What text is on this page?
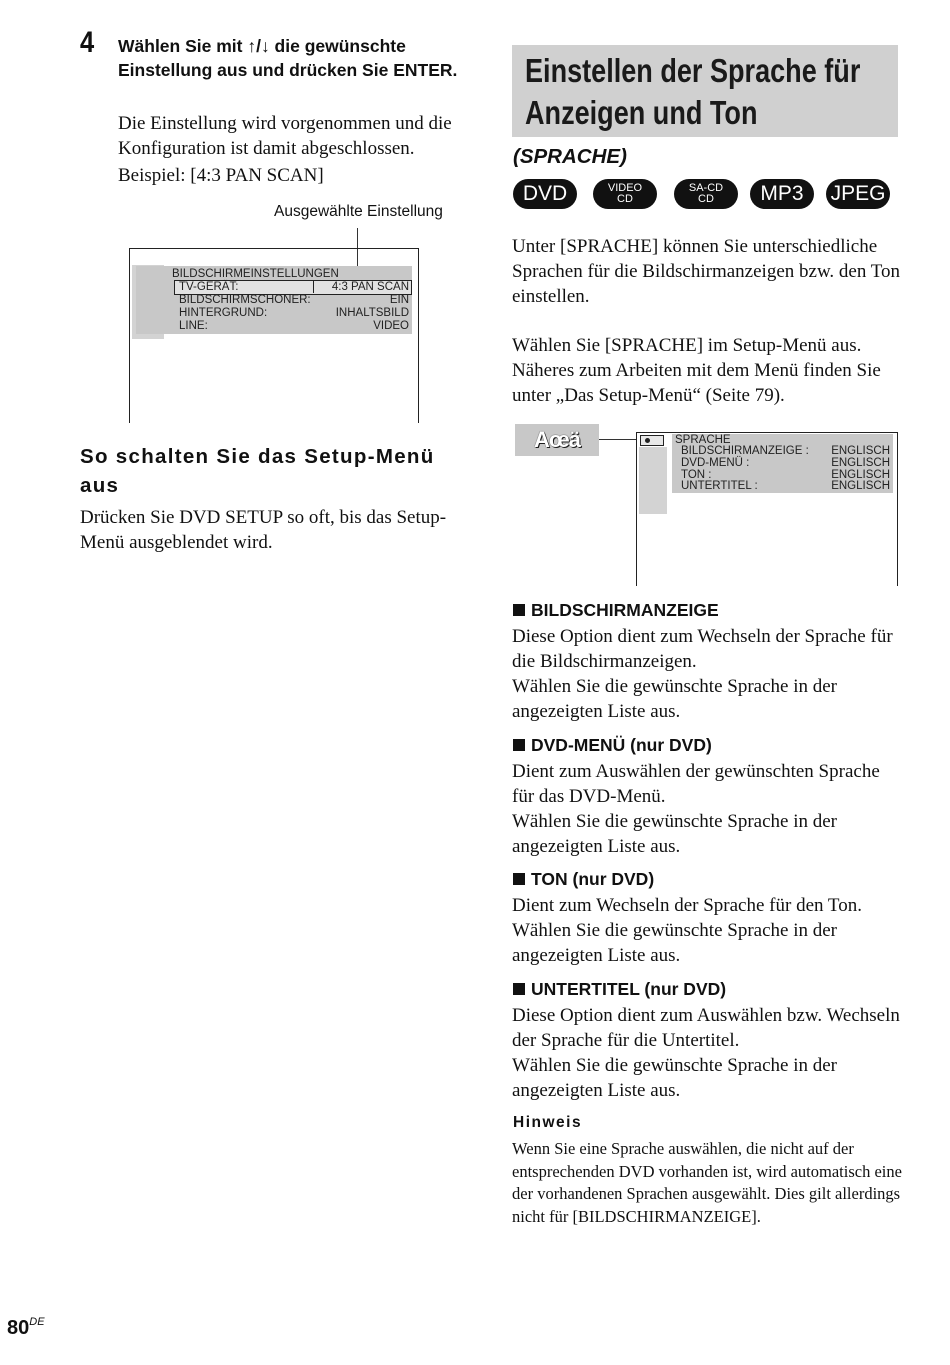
4 Wählen Sie mit ↑/↓ die gewünschte Einstellung aus und drücken Sie ENTER.

Die Einstellung wird vorgenommen und die Konfiguration ist damit abgeschlossen.

Beispiel: [4:3 PAN SCAN]

Ausgewählte Einstellung
BILDSCHIRMEINSTELLUNGEN
TV-GERÄT:	4:3 PAN SCAN
BILDSCHIRMSCHONER:	EIN
HINTERGRUND:	INHALTSBILD
LINE:	VIDEO
So schalten Sie das Setup-Menü aus
Drücken Sie DVD SETUP so oft, bis das Setup-Menü ausgeblendet wird.
Einstellen der Sprache für
Anzeigen und Ton
(SPRACHE)
DVD	VIDEO
CD
SA-CD
CD	MP3	JPEG
Unter [SPRACHE] können Sie unterschiedliche Sprachen für die Bildschirmanzeigen bzw. den Ton einstellen.
Wählen Sie [SPRACHE] im Setup-Menü aus. Näheres zum Arbeiten mit dem Menü finden Sie unter „Das Setup-Menü“ (Seite 79).
Aœä	SPRACHE
BILDSCHIRMANZEIGE :	ENGLISCH
DVD-MENÜ :	ENGLISCH
TON :	ENGLISCH
UNTERTITEL :	ENGLISCH
BILDSCHIRMANZEIGE
Diese Option dient zum Wechseln der Sprache für die Bildschirmanzeigen.
Wählen Sie die gewünschte Sprache in der angezeigten Liste aus.
DVD-MENÜ (nur DVD)
Dient zum Auswählen der gewünschten Sprache für das DVD-Menü.
Wählen Sie die gewünschte Sprache in der angezeigten Liste aus.
TON (nur DVD)
Dient zum Wechseln der Sprache für den Ton.
Wählen Sie die gewünschte Sprache in der angezeigten Liste aus.
UNTERTITEL (nur DVD)
Diese Option dient zum Auswählen bzw. Wechseln der Sprache für die Untertitel.
Wählen Sie die gewünschte Sprache in der angezeigten Liste aus.
Hinweis
Wenn Sie eine Sprache auswählen, die nicht auf der entsprechenden DVD vorhanden ist, wird automatisch eine der vorhandenen Sprachen ausgewählt. Dies gilt allerdings nicht für [BILDSCHIRMANZEIGE].
80DE
